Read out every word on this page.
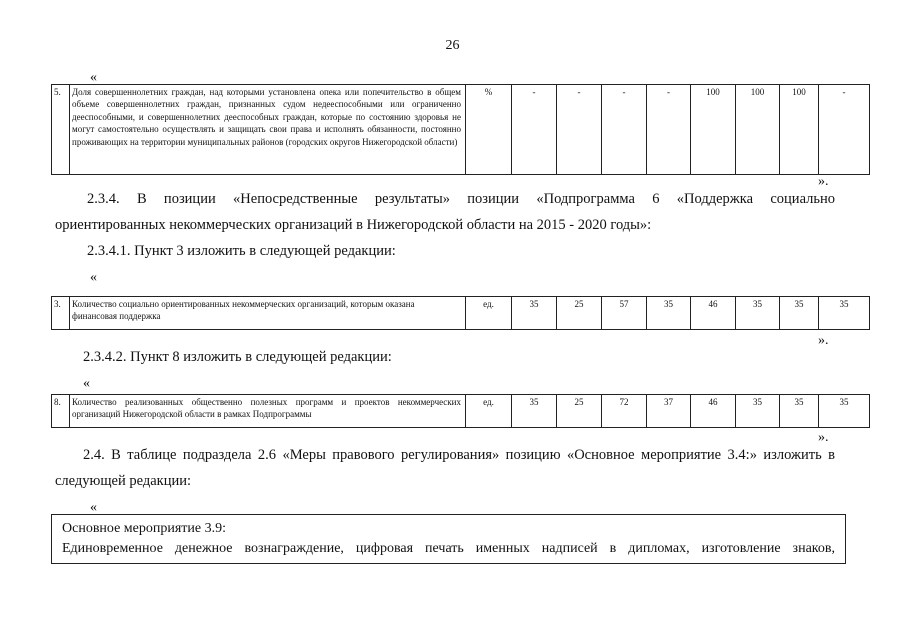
26
«
5.	Доля совершеннолетних граждан, над которыми установлена опека или попечительство в общем объеме совершеннолетних граждан, признанных судом недееспособными или ограниченно дееспособными, и совершеннолетних дееспособных граждан, которые по состоянию здоровья не могут самостоятельно осуществлять и защищать свои права и исполнять обязанности, постоянно проживающих на территории муниципальных районов (городских округов Нижегородской области)	%	-	-	-	-	100	100	100	-
».
2.3.4. В позиции «Непосредственные результаты» позиции «Подпрограмма 6 «Поддержка социально
ориентированных некоммерческих организаций в Нижегородской области на 2015 - 2020 годы»:
2.3.4.1. Пункт 3 изложить в следующей редакции:
«
3.	Количество социально ориентированных некоммерческих организаций, которым оказана финансовая поддержка	ед.	35	25	57	35	46	35	35	35
».
2.3.4.2. Пункт 8 изложить в следующей редакции:
«
8.	Количество реализованных общественно полезных программ и проектов некоммерческих организаций Нижегородской области в рамках Подпрограммы	ед.	35	25	72	37	46	35	35	35
».
2.4. В таблице подраздела 2.6 «Меры правового регулирования» позицию «Основное мероприятие 3.4:» изложить в
следующей редакции:
«
Основное мероприятие 3.9:
Единовременное денежное вознаграждение, цифровая печать именных надписей в дипломах, изготовление знаков,
